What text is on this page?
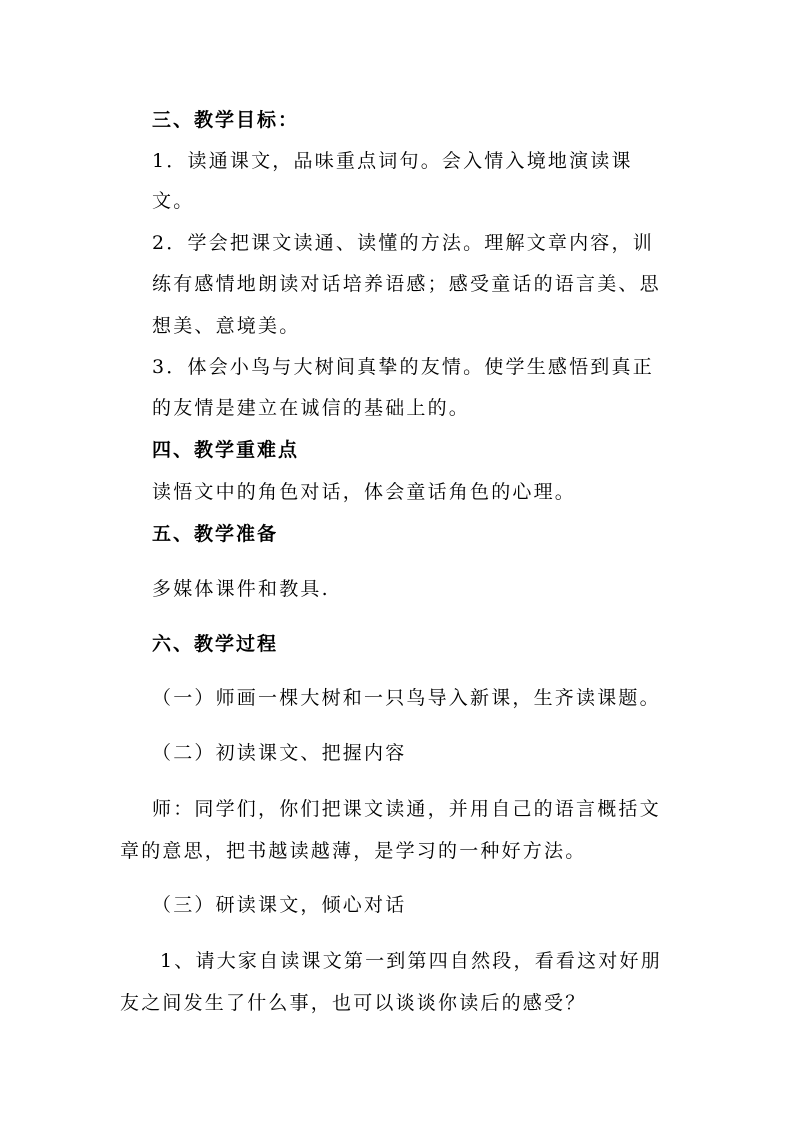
三、教学目标：
1．读通课文，品味重点词句。会入情入境地演读课
文。
2．学会把课文读通、读懂的方法。理解文章内容，训
练有感情地朗读对话培养语感；感受童话的语言美、思
想美、意境美。
3．体会小鸟与大树间真挚的友情。使学生感悟到真正
的友情是建立在诚信的基础上的。
四、教学重难点
读悟文中的角色对话，体会童话角色的心理。
五、教学准备
多媒体课件和教具.
六、教学过程
（一）师画一棵大树和一只鸟导入新课，生齐读课题。
（二）初读课文、把握内容
师：同学们，你们把课文读通，并用自己的语言概括文
章的意思，把书越读越薄，是学习的一种好方法。
（三）研读课文，倾心对话
1、请大家自读课文第一到第四自然段，看看这对好朋
友之间发生了什么事，也可以谈谈你读后的感受？
